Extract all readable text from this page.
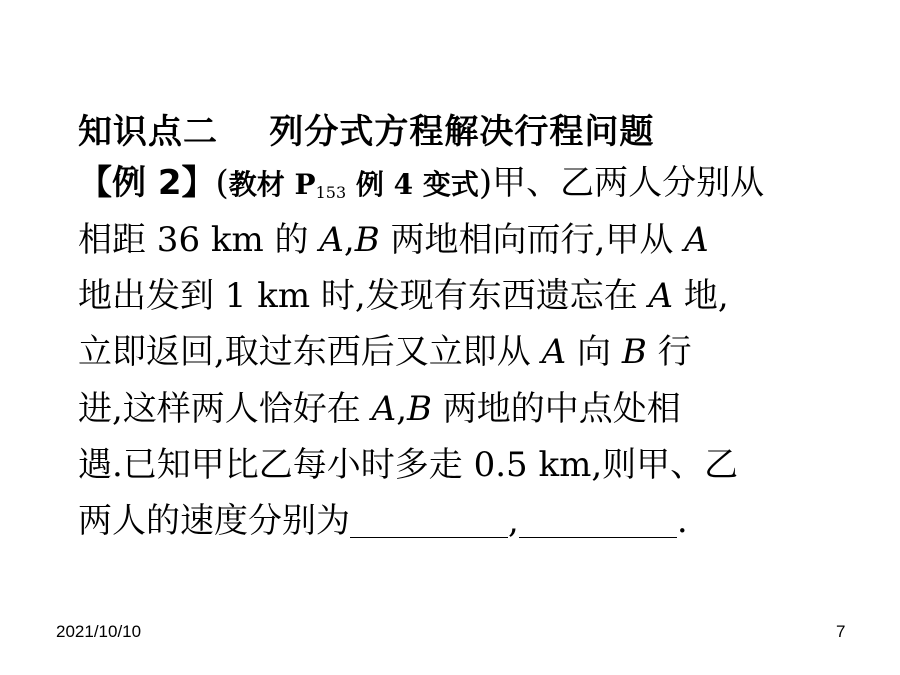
知识点二    列分式方程解决行程问题
【例 2】(教材 $P_{153}$ 例 4 变式)甲、乙两人分别从
相距 36 km 的 A,B 两地相向而行,甲从 A
地出发到 1 km 时,发现有东西遗忘在 A 地,
立即返回,取过东西后又立即从 A 向 B 行
进,这样两人恰好在 A,B 两地的中点处相
遇.已知甲比乙每小时多走 0.5 km,则甲、乙
两人的速度分别为	,	.
2021/10/10	7
